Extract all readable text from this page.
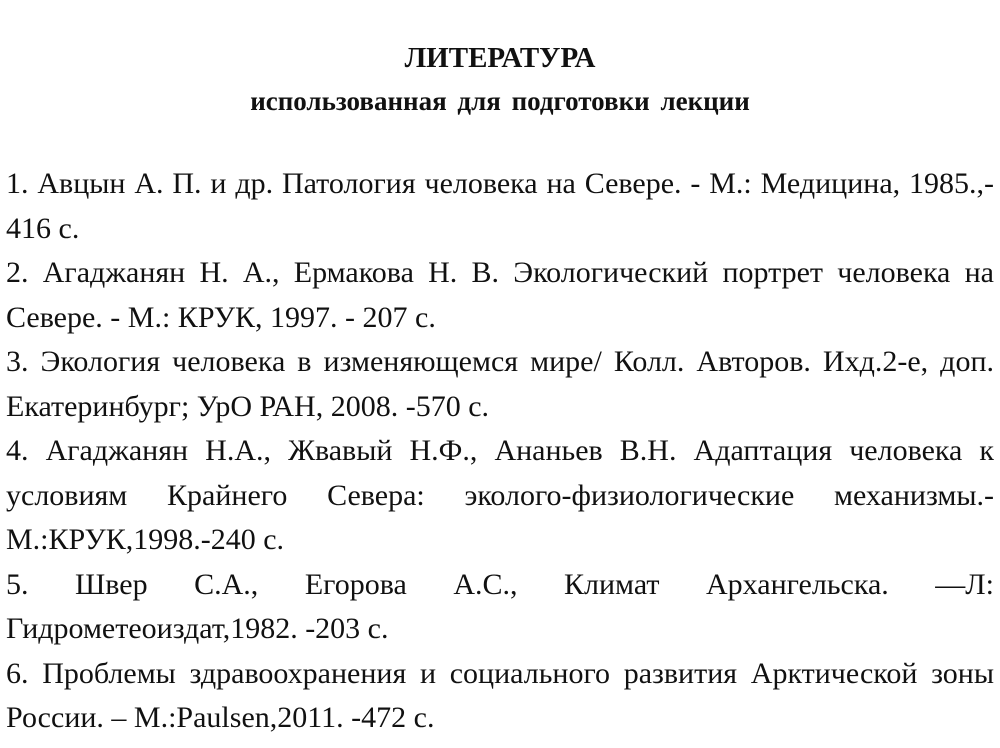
ЛИТЕРАТУРА
использованная для подготовки лекции
1. Авцын А. П. и др. Патология человека на Севере. - М.: Медицина, 1985.,- 416 с.
2. Агаджанян Н. А., Ермакова Н. В. Экологический портрет человека на Севере. - М.: КРУК, 1997. - 207 с.
3. Экология человека в изменяющемся мире/ Колл. Авторов. Ихд.2-е, доп. Екатеринбург; УрО РАН, 2008. -570 с.
4. Агаджанян Н.А., Жвавый Н.Ф., Ананьев В.Н. Адаптация человека к условиям Крайнего Севера: эколого-физиологические механизмы.-М.:КРУК,1998.-240 с.
5. Швер С.А., Егорова А.С., Климат Архангельска. —Л: Гидрометеоиздат,1982. -203 с.
6. Проблемы здравоохранения и социального развития Арктической зоны России. – М.:Paulsen,2011. -472 с.
